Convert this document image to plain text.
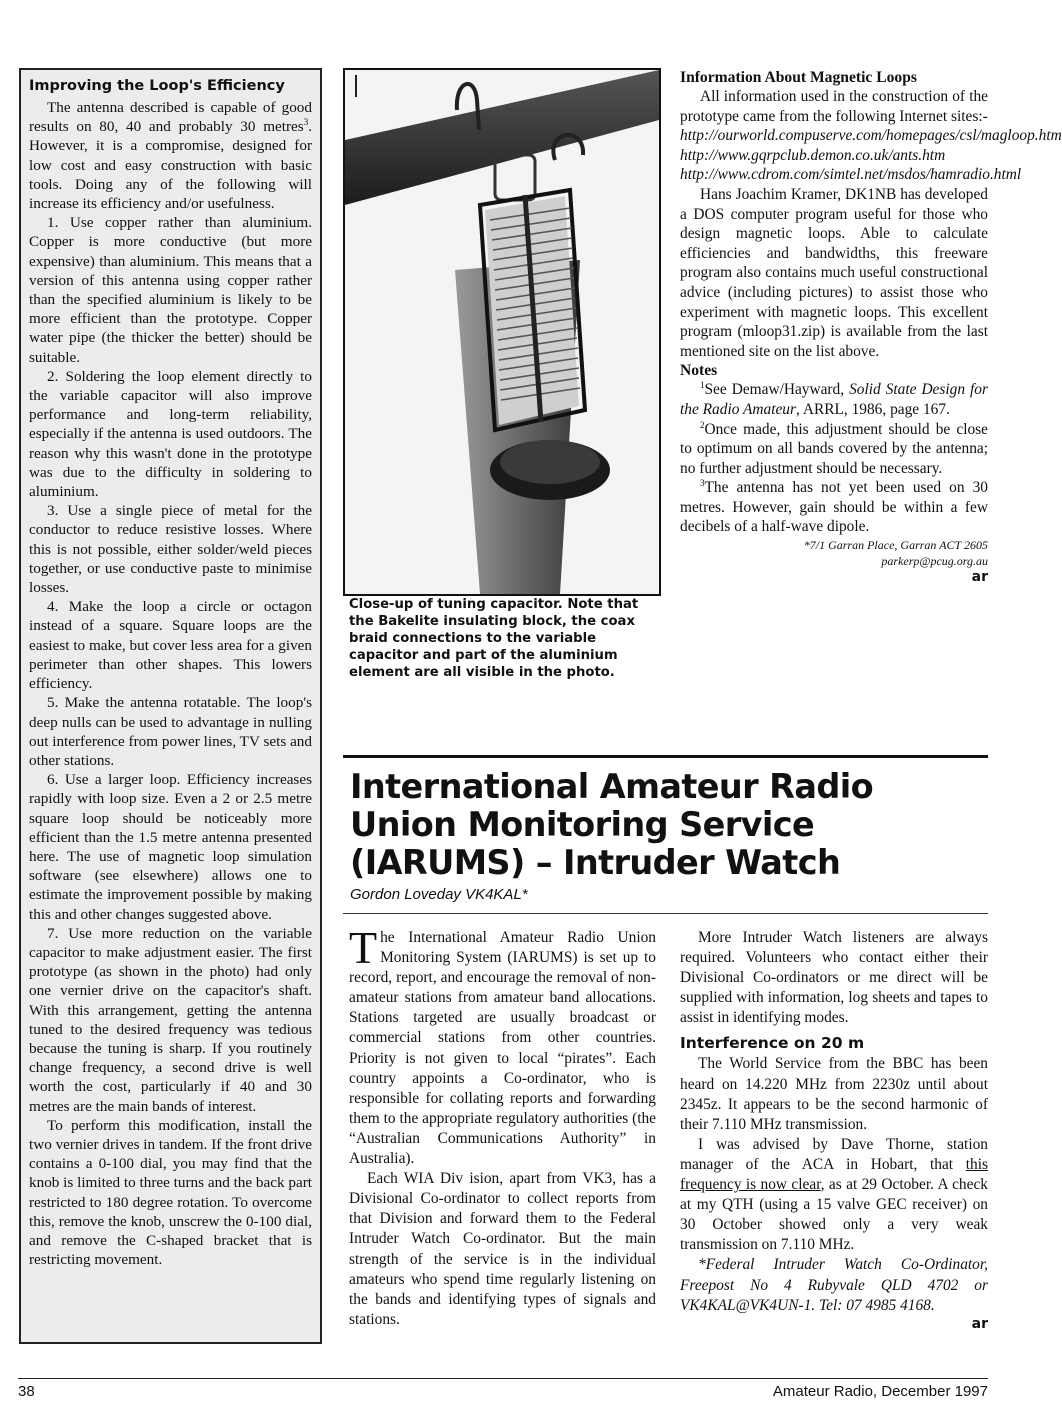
Improving the Loop's Efficiency

The antenna described is capable of good results on 80, 40 and probably 30 metres$^3$. However, it is a compromise, designed for low cost and easy construction with basic tools. Doing any of the following will increase its efficiency and/or usefulness.

1. Use copper rather than aluminium. Copper is more conductive (but more expensive) than aluminium. This means that a version of this antenna using copper rather than the specified aluminium is likely to be more efficient than the prototype. Copper water pipe (the thicker the better) should be suitable.

2. Soldering the loop element directly to the variable capacitor will also improve performance and long-term reliability, especially if the antenna is used outdoors. The reason why this wasn't done in the prototype was due to the difficulty in soldering to aluminium.

3. Use a single piece of metal for the conductor to reduce resistive losses. Where this is not possible, either solder/weld pieces together, or use conductive paste to minimise losses.

4. Make the loop a circle or octagon instead of a square. Square loops are the easiest to make, but cover less area for a given perimeter than other shapes. This lowers efficiency.

5. Make the antenna rotatable. The loop's deep nulls can be used to advantage in nulling out interference from power lines, TV sets and other stations.

6. Use a larger loop. Efficiency increases rapidly with loop size. Even a 2 or 2.5 metre square loop should be noticeably more efficient than the 1.5 metre antenna presented here. The use of magnetic loop simulation software (see elsewhere) allows one to estimate the improvement possible by making this and other changes suggested above.

7. Use more reduction on the variable capacitor to make adjustment easier. The first prototype (as shown in the photo) had only one vernier drive on the capacitor's shaft. With this arrangement, getting the antenna tuned to the desired frequency was tedious because the tuning is sharp. If you routinely change frequency, a second drive is well worth the cost, particularly if 40 and 30 metres are the main bands of interest.

To perform this modification, install the two vernier drives in tandem. If the front drive contains a 0-100 dial, you may find that the knob is limited to three turns and the back part restricted to 180 degree rotation. To overcome this, remove the knob, unscrew the 0-100 dial, and remove the C-shaped bracket that is restricting movement.

Close-up of tuning capacitor. Note that the Bakelite insulating block, the coax braid connections to the variable capacitor and part of the aluminium element are all visible in the photo.
Information About Magnetic Loops

All information used in the construction of the prototype came from the following Internet sites:-

http://ourworld.compuserve.com/homepages/csl/magloop.htm

http://www.gqrpclub.demon.co.uk/ants.htm

http://www.cdrom.com/simtel.net/msdos/hamradio.html

Hans Joachim Kramer, DK1NB has developed a DOS computer program useful for those who design magnetic loops. Able to calculate efficiencies and bandwidths, this freeware program also contains much useful constructional advice (including pictures) to assist those who experiment with magnetic loops. This excellent program (mloop31.zip) is available from the last mentioned site on the list above.

Notes

$^1$See Demaw/Hayward, Solid State Design for the Radio Amateur, ARRL, 1986, page 167.

$^2$Once made, this adjustment should be close to optimum on all bands covered by the antenna; no further adjustment should be necessary.

$^3$The antenna has not yet been used on 30 metres. However, gain should be within a few decibels of a half-wave dipole.

*7/1 Garran Place, Garran ACT 2605
parkerp@pcug.org.au
ar
International Amateur Radio Union Monitoring Service (IARUMS) – Intruder Watch
Gordon Loveday VK4KAL*

The International Amateur Radio Union Monitoring System (IARUMS) is set up to record, report, and encourage the removal of non-amateur stations from amateur band allocations. Stations targeted are usually broadcast or commercial stations from other countries. Priority is not given to local “pirates”. Each country appoints a Co-ordinator, who is responsible for collating reports and forwarding them to the appropriate regulatory authorities (the “Australian Communications Authority” in Australia).

Each WIA Div ision, apart from VK3, has a Divisional Co-ordinator to collect reports from that Division and forward them to the Federal Intruder Watch Co-ordinator. But the main strength of the service is in the individual amateurs who spend time regularly listening on the bands and identifying types of signals and stations.

More Intruder Watch listeners are always required. Volunteers who contact either their Divisional Co-ordinators or me direct will be supplied with information, log sheets and tapes to assist in identifying modes.

Interference on 20 m

The World Service from the BBC has been heard on 14.220 MHz from 2230z until about 2345z. It appears to be the second harmonic of their 7.110 MHz transmission.

I was advised by Dave Thorne, station manager of the ACA in Hobart, that this frequency is now clear, as at 29 October. A check at my QTH (using a 15 valve GEC receiver) on 30 October showed only a very weak transmission on 7.110 MHz.

*Federal Intruder Watch Co-Ordinator, Freepost No 4 Rubyvale QLD 4702 or VK4KAL@VK4UN-1. Tel: 07 4985 4168.

ar
38	Amateur Radio, December 1997
